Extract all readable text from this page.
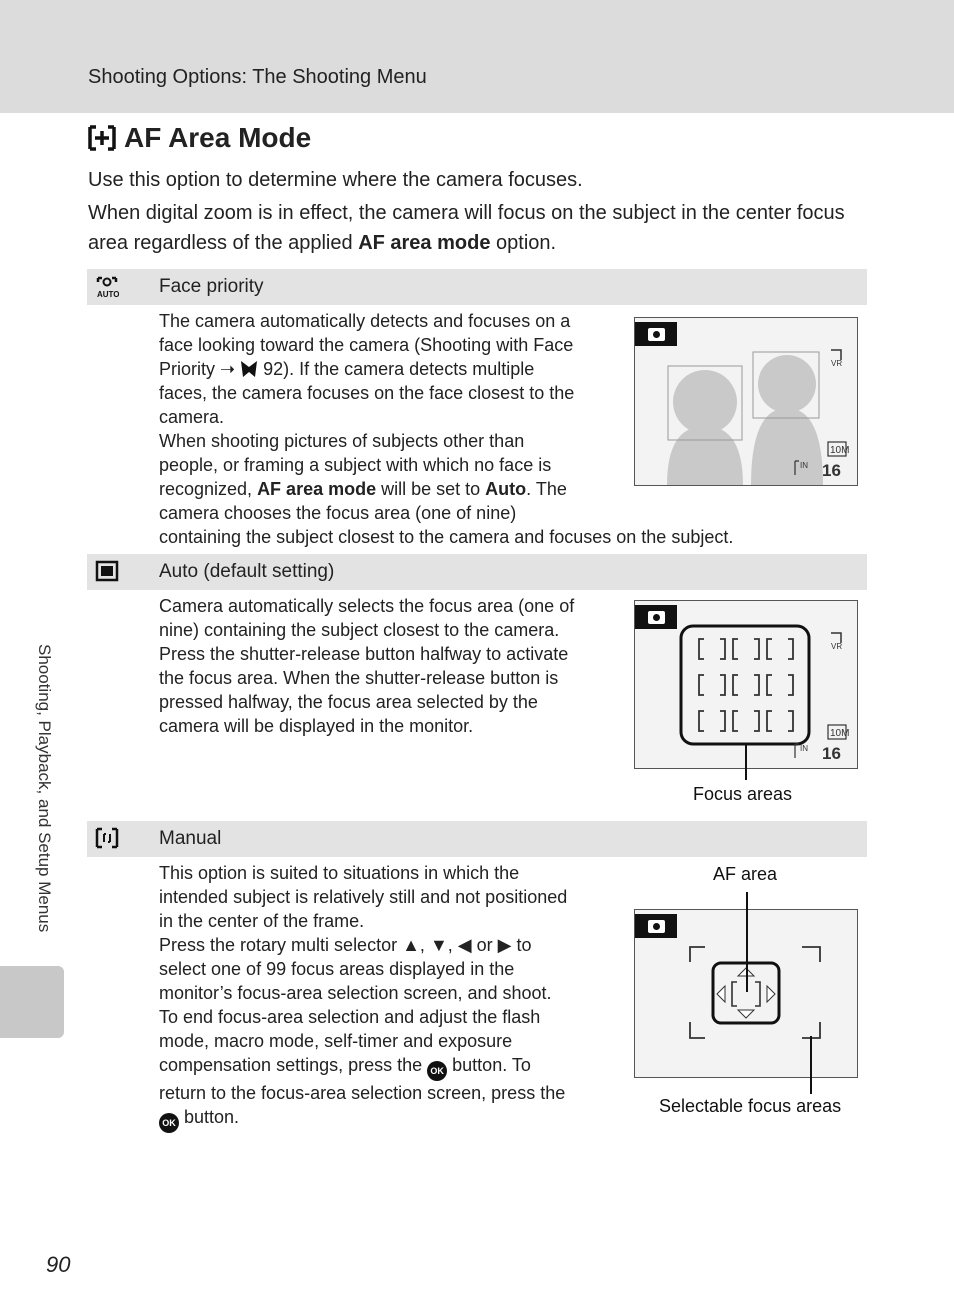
Shooting Options: The Shooting Menu
AF Area Mode
Use this option to determine where the camera focuses.
When digital zoom is in effect, the camera will focus on the subject in the center focus area regardless of the applied AF area mode option.
AUTO Face priority
The camera automatically detects and focuses on a
face looking toward the camera (Shooting with Face
Priority ➝  92). If the camera detects multiple
faces, the camera focuses on the face closest to the
camera.
When shooting pictures of subjects other than
people, or framing a subject with which no face is
recognized, AF area mode will be set to Auto. The
camera chooses the focus area (one of nine)
containing the subject closest to the camera and focuses on the subject.
VR
10M
IN 16
Auto (default setting)
Camera automatically selects the focus area (one of
nine) containing the subject closest to the camera.
Press the shutter-release button halfway to activate
the focus area. When the shutter-release button is
pressed halfway, the focus area selected by the
camera will be displayed in the monitor.
VR
10M
IN 16
Focus areas
Manual
This option is suited to situations in which the
intended subject is relatively still and not positioned
in the center of the frame.
Press the rotary multi selector ▲, ▼, ◀ or ▶ to
select one of 99 focus areas displayed in the
monitor’s focus-area selection screen, and shoot.
To end focus-area selection and adjust the flash
mode, macro mode, self-timer and exposure
compensation settings, press the OK button. To
return to the focus-area selection screen, press the
OK button.
AF area
Selectable focus areas
Shooting, Playback, and Setup Menus
90
